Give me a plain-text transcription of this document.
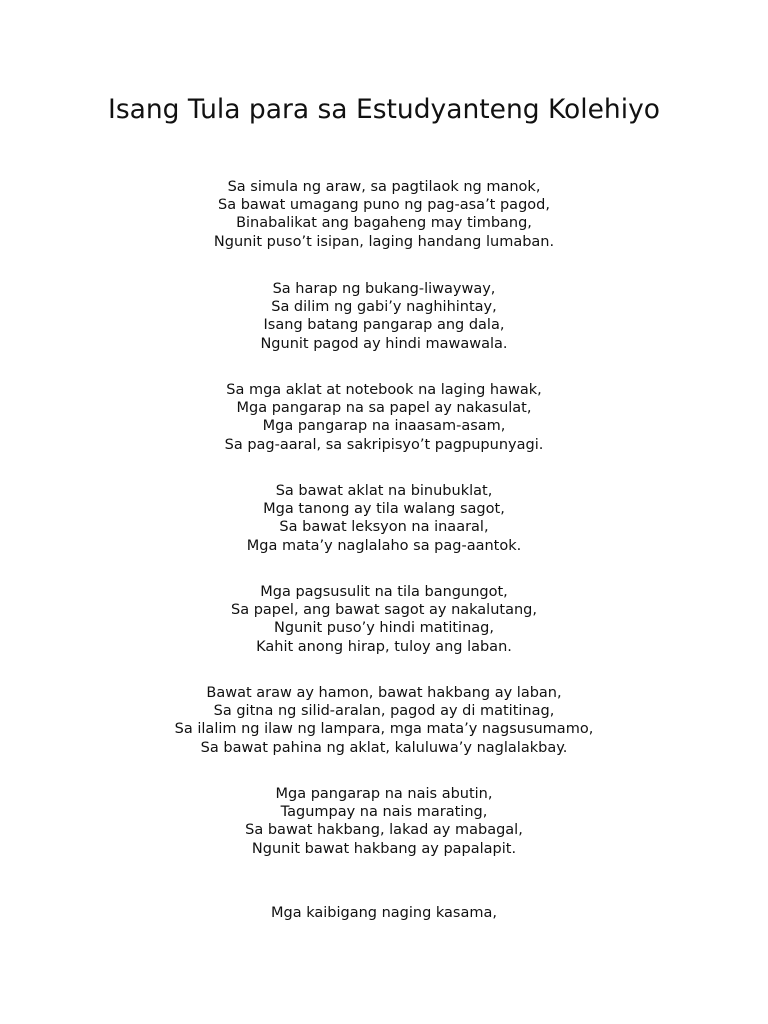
Isang Tula para sa Estudyanteng Kolehiyo
Sa simula ng araw, sa pagtilaok ng manok,
Sa bawat umagang puno ng pag-asa’t pagod,
Binabalikat ang bagaheng may timbang,
Ngunit puso’t isipan, laging handang lumaban.
Sa harap ng bukang-liwayway,
Sa dilim ng gabi’y naghihintay,
Isang batang pangarap ang dala,
Ngunit pagod ay hindi mawawala.
Sa mga aklat at notebook na laging hawak,
Mga pangarap na sa papel ay nakasulat,
Mga pangarap na inaasam-asam,
Sa pag-aaral, sa sakripisyo’t pagpupunyagi.
Sa bawat aklat na binubuklat,
Mga tanong ay tila walang sagot,
Sa bawat leksyon na inaaral,
Mga mata’y naglalaho sa pag-aantok.
Mga pagsusulit na tila bangungot,
Sa papel, ang bawat sagot ay nakalutang,
Ngunit puso’y hindi matitinag,
Kahit anong hirap, tuloy ang laban.
Bawat araw ay hamon, bawat hakbang ay laban,
Sa gitna ng silid-aralan, pagod ay di matitinag,
Sa ilalim ng ilaw ng lampara, mga mata’y nagsusumamo,
Sa bawat pahina ng aklat, kaluluwa’y naglalakbay.
Mga pangarap na nais abutin,
Tagumpay na nais marating,
Sa bawat hakbang, lakad ay mabagal,
Ngunit bawat hakbang ay papalapit.
Mga kaibigang naging kasama,
